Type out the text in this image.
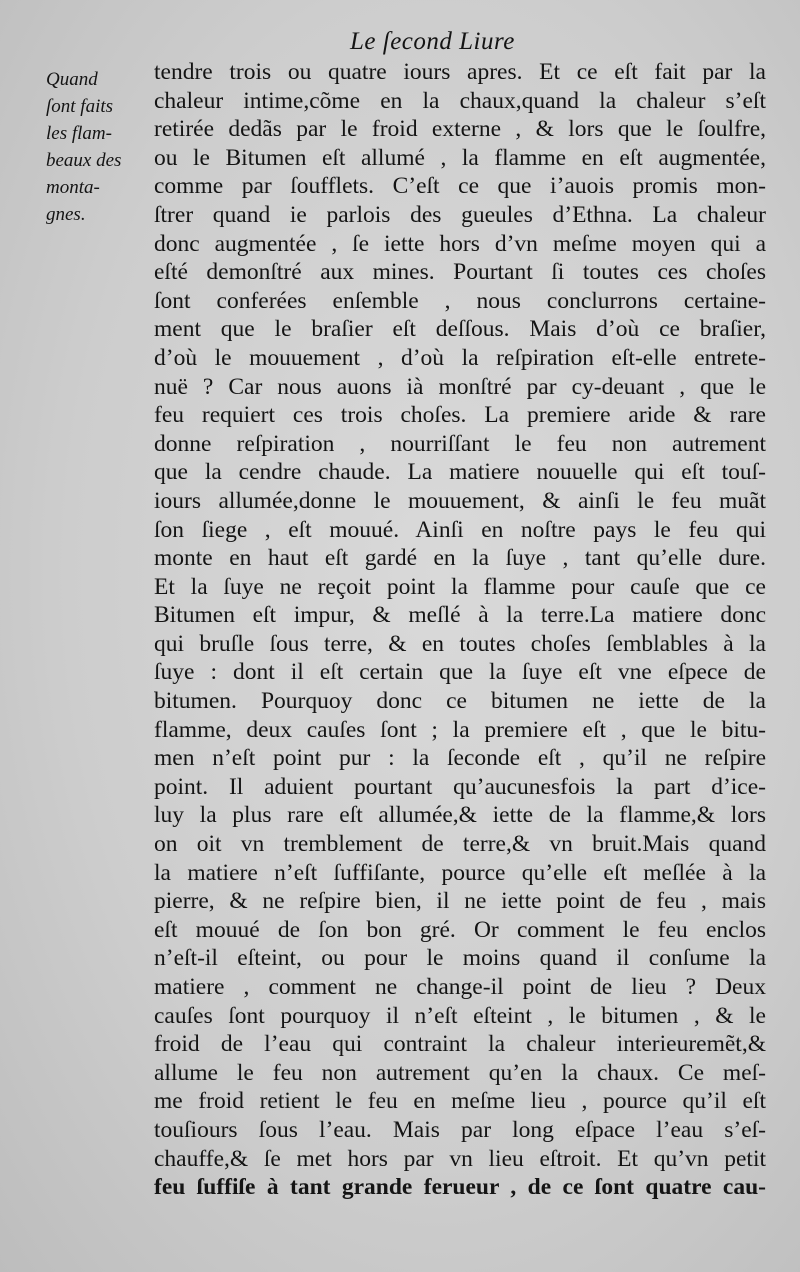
Le ſecond Liure
Quand
ſont faits
les flam-
beaux des
monta-
gnes.
tendre trois ou quatre iours apres. Et ce eſt fait par la
chaleur intime,cõme en la chaux,quand la chaleur s’eſt
retirée dedãs par le froid externe , & lors que le ſoulfre,
ou le Bitumen eſt allumé , la flamme en eſt augmentée,
comme par ſoufflets. C’eſt ce que i’auois promis mon-
ſtrer quand ie parlois des gueules d’Ethna. La chaleur
donc augmentée , ſe iette hors d’vn meſme moyen qui a
eſté demonſtré aux mines. Pourtant ſi toutes ces choſes
ſont conferées enſemble , nous conclurrons certaine-
ment que le braſier eſt deſſous. Mais d’où ce braſier,
d’où le mouuement , d’où la reſpiration eſt-elle entrete-
nuë ? Car nous auons ià monſtré par cy-deuant , que le
feu requiert ces trois choſes. La premiere aride & rare
donne reſpiration , nourriſſant le feu non autrement
que la cendre chaude. La matiere nouuelle qui eſt touſ-
iours allumée,donne le mouuement, & ainſi le feu muãt
ſon ſiege , eſt mouué. Ainſi en noſtre pays le feu qui
monte en haut eſt gardé en la ſuye , tant qu’elle dure.
Et la ſuye ne reçoit point la flamme pour cauſe que ce
Bitumen eſt impur, & meſlé à la terre.La matiere donc
qui bruſle ſous terre, & en toutes choſes ſemblables à la
ſuye : dont il eſt certain que la ſuye eſt vne eſpece de
bitumen. Pourquoy donc ce bitumen ne iette de la
flamme, deux cauſes ſont ; la premiere eſt , que le bitu-
men n’eſt point pur : la ſeconde eſt , qu’il ne reſpire
point. Il aduient pourtant qu’aucunesfois la part d’ice-
luy la plus rare eſt allumée,& iette de la flamme,& lors
on oit vn tremblement de terre,& vn bruit.Mais quand
la matiere n’eſt ſuffiſante, pource qu’elle eſt meſlée à la
pierre, & ne reſpire bien, il ne iette point de feu , mais
eſt mouué de ſon bon gré. Or comment le feu enclos
n’eſt-il eſteint, ou pour le moins quand il conſume la
matiere , comment ne change-il point de lieu ? Deux
cauſes ſont pourquoy il n’eſt eſteint , le bitumen , & le
froid de l’eau qui contraint la chaleur interieuremẽt,&
allume le feu non autrement qu’en la chaux. Ce meſ-
me froid retient le feu en meſme lieu , pource qu’il eſt
touſiours ſous l’eau. Mais par long eſpace l’eau s’eſ-
chauffe,& ſe met hors par vn lieu eſtroit. Et qu’vn petit
feu ſuffiſe à tant grande ferueur , de ce ſont quatre cau-
